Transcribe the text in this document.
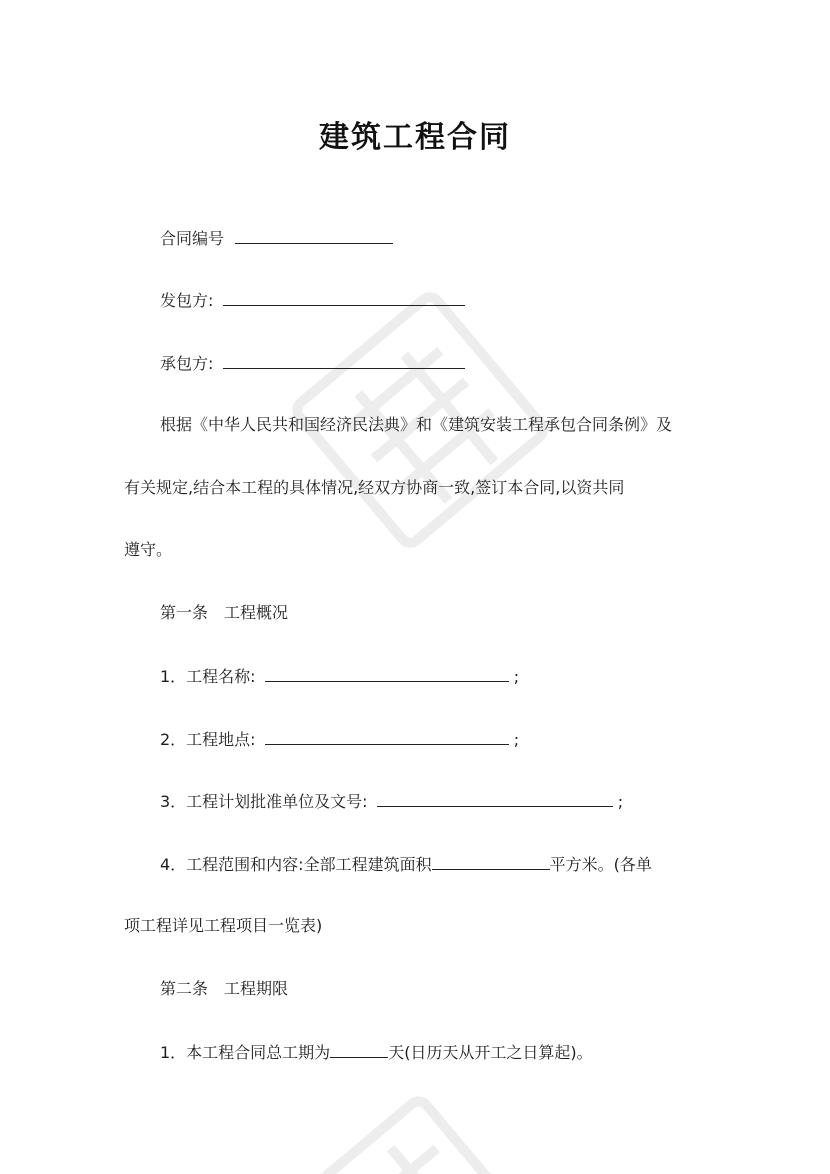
建筑工程合同
合同编号
发包方:
承包方:
根据《中华人民共和国经济民法典》和《建筑安装工程承包合同条例》及
有关规定,结合本工程的具体情况,经双方协商一致,签订本合同,以资共同
遵守。
第一条　工程概况
1．工程名称:	;
2．工程地点:	;
3．工程计划批准单位及文号:	;
4．工程范围和内容:全部工程建筑面积	平方米。(各单
项工程详见工程项目一览表)
第二条　工程期限
1．本工程合同总工期为	天(日历天从开工之日算起)。
